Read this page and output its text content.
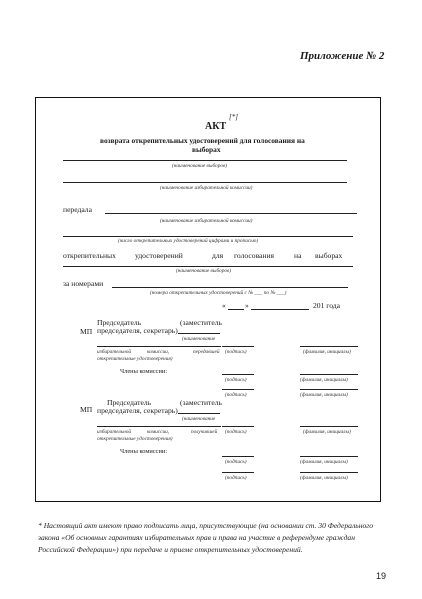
Приложение № 2
[*]
АКТ
возврата открепительных удостоверений для голосования на
выборах
(наименование выборов)
(наименование избирательной комиссии)
передала
(наименование избирательной комиссии)
(число открепительных удостоверений цифрами и прописью)
открепительных	удостоверений	для голосования	на выборах
(наименование выборов)
за номерами
(номера открепительных удостоверений с № ___ по № ___)
«	»	201 года
МП
Председатель	(заместитель
председателя, секретарь)
(наименование
избирательной	комиссии,	передавшей
открепительные удостоверения)
(подпись)	(фамилия, инициалы)
Члены комиссии:
(подпись)	(фамилия, инициалы)
(подпись)	(фамилия, инициалы)
МП
Председатель	(заместитель
председателя, секретарь)
(наименование
избирательной	комиссии,	получившей
открепительные удостоверения)
(подпись)	(фамилия, инициалы)
Члены комиссии:
(подпись)	(фамилия, инициалы)
(подпись)	(фамилия, инициалы)
* Настоящий акт имеют право подписать лица, присутствующие (на основании ст. 30 Федерального закона «Об основных гарантиях избирательных прав и права на участие в референдуме граждан Российской Федерации») при передаче и приеме открепительных удостоверений.
19
